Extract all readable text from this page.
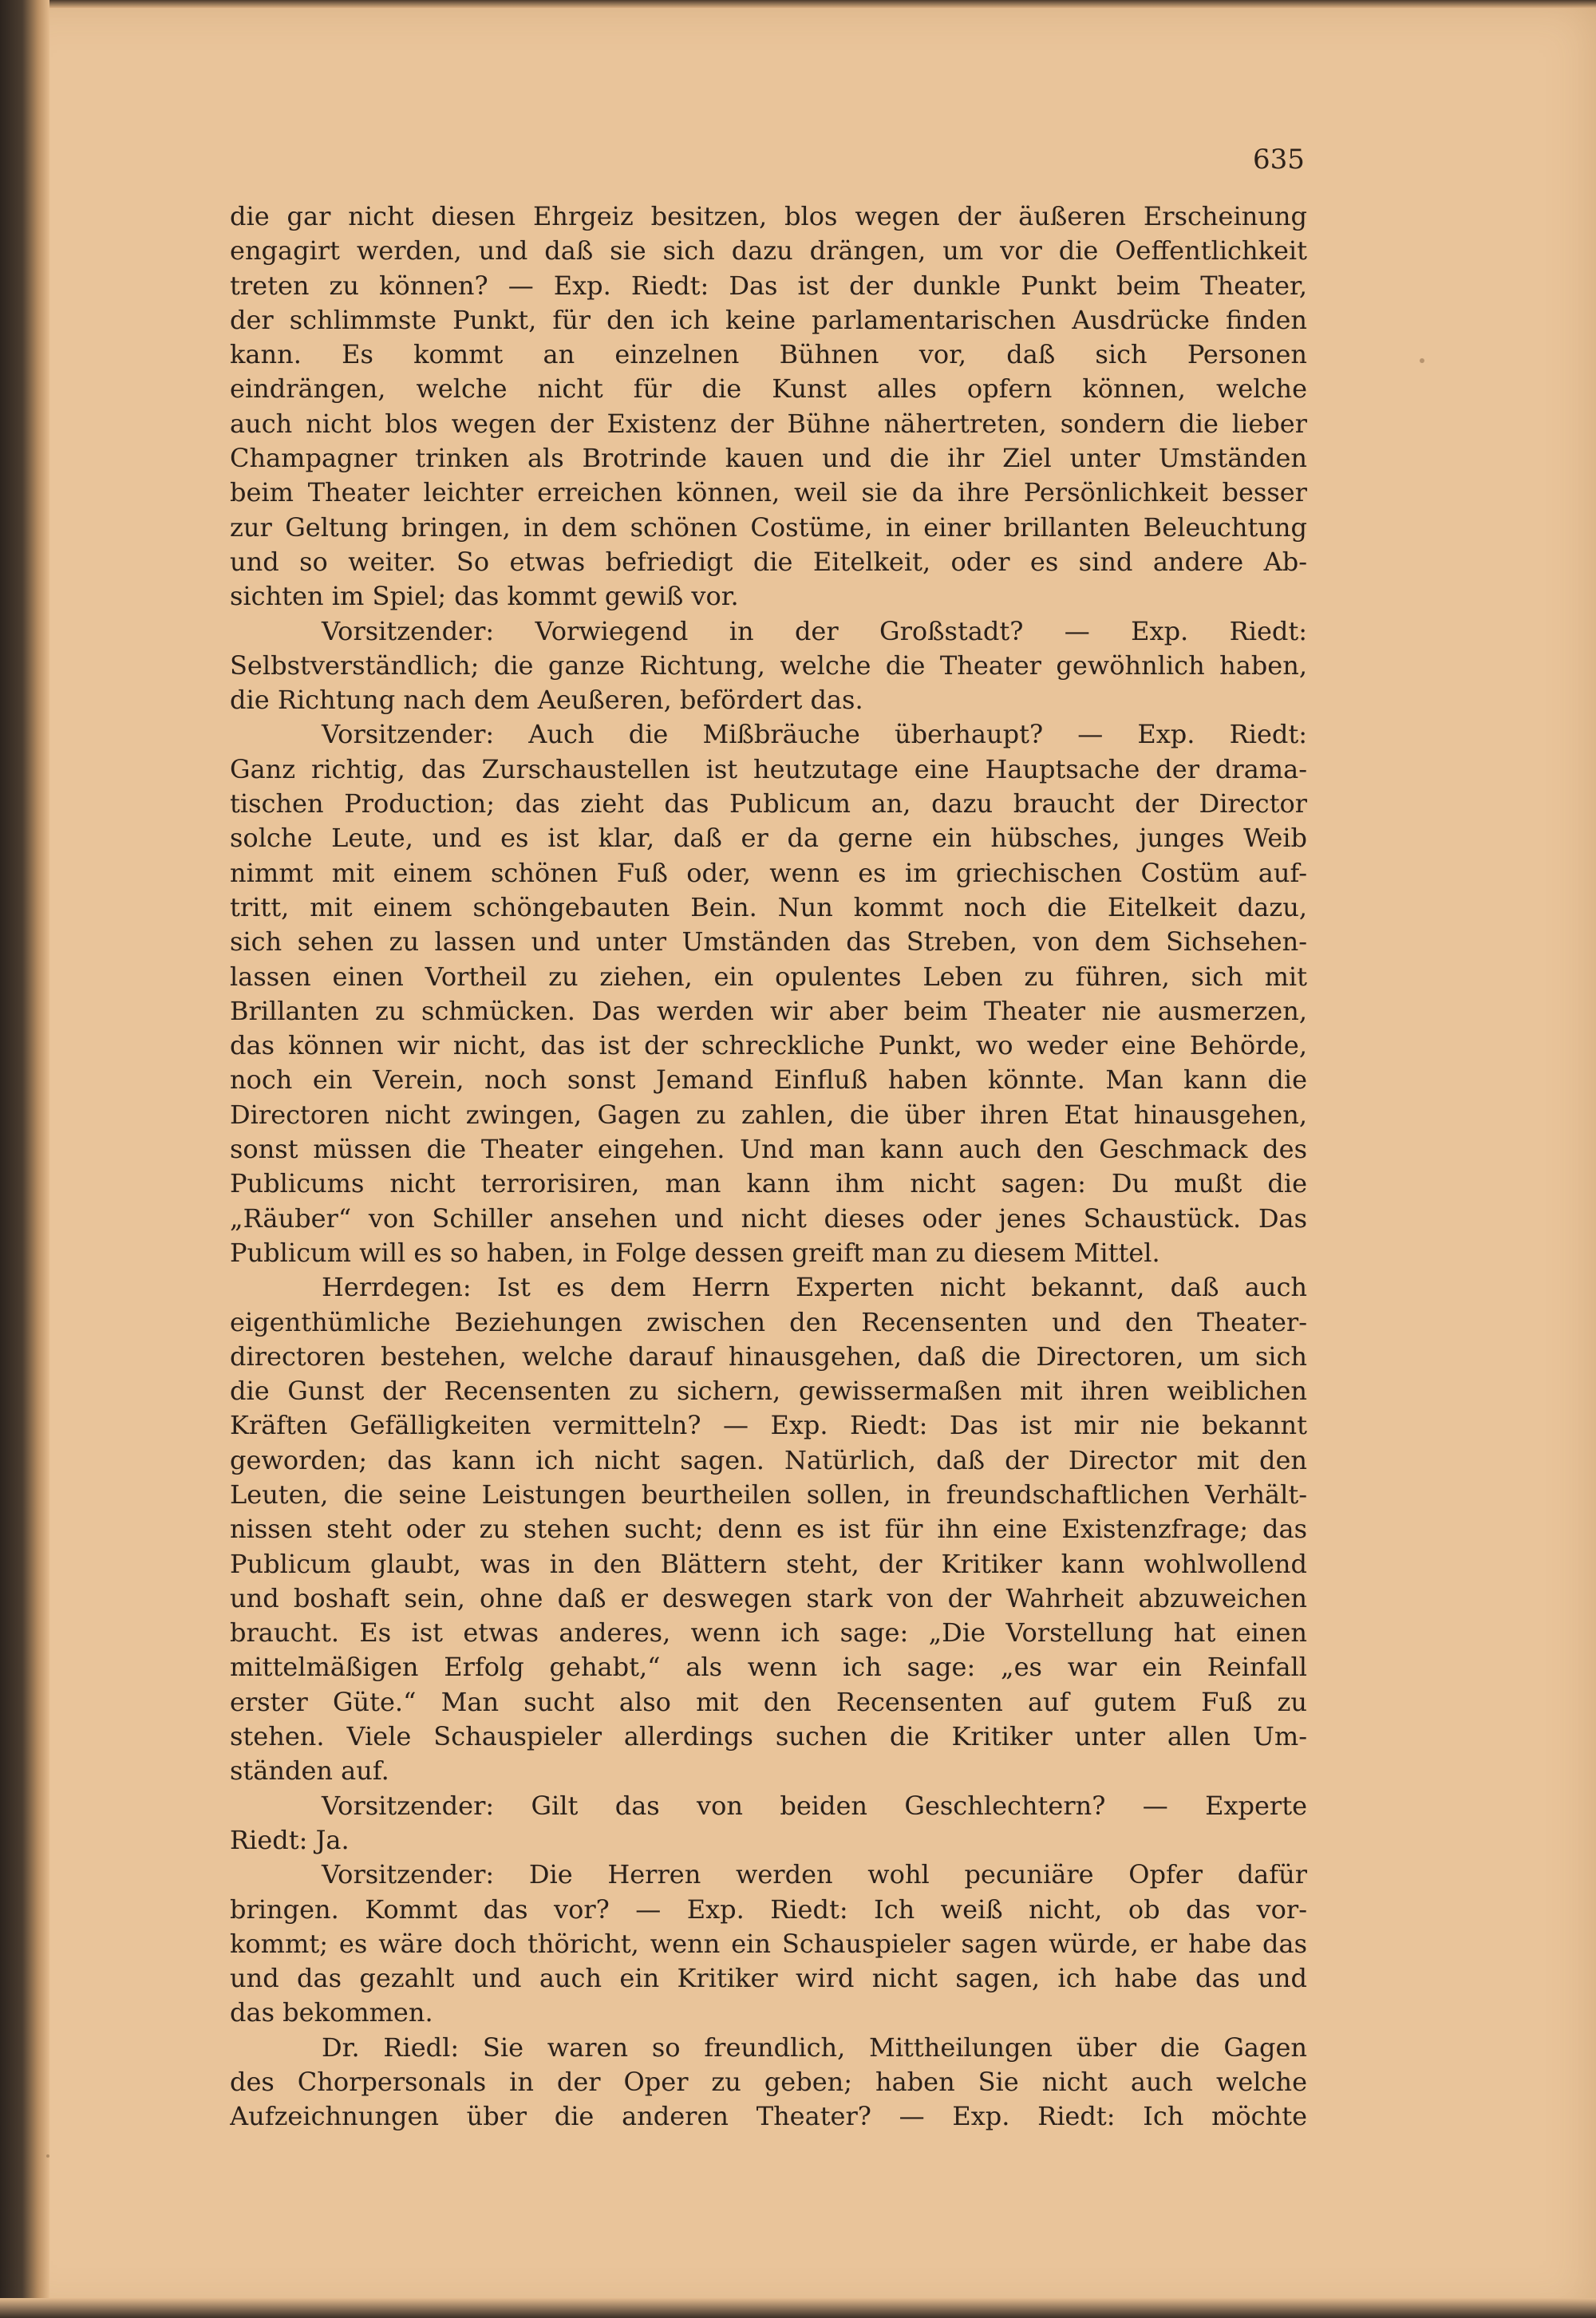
635
die gar nicht diesen Ehrgeiz besitzen, blos wegen der äußeren Erscheinung
engagirt werden, und daß sie sich dazu drängen, um vor die Oeffentlichkeit
treten zu können? — Exp. Riedt: Das ist der dunkle Punkt beim Theater,
der schlimmste Punkt, für den ich keine parlamentarischen Ausdrücke finden
kann. Es kommt an einzelnen Bühnen vor, daß sich Personen
eindrängen, welche nicht für die Kunst alles opfern können, welche
auch nicht blos wegen der Existenz der Bühne nähertreten, sondern die lieber
Champagner trinken als Brotrinde kauen und die ihr Ziel unter Umständen
beim Theater leichter erreichen können, weil sie da ihre Persönlichkeit besser
zur Geltung bringen, in dem schönen Costüme, in einer brillanten Beleuchtung
und so weiter. So etwas befriedigt die Eitelkeit, oder es sind andere Ab-
sichten im Spiel; das kommt gewiß vor.
Vorsitzender: Vorwiegend in der Großstadt? — Exp. Riedt:
Selbstverständlich; die ganze Richtung, welche die Theater gewöhnlich haben,
die Richtung nach dem Aeußeren, befördert das.
Vorsitzender: Auch die Mißbräuche überhaupt? — Exp. Riedt:
Ganz richtig, das Zurschaustellen ist heutzutage eine Hauptsache der drama-
tischen Production; das zieht das Publicum an, dazu braucht der Director
solche Leute, und es ist klar, daß er da gerne ein hübsches, junges Weib
nimmt mit einem schönen Fuß oder, wenn es im griechischen Costüm auf-
tritt, mit einem schöngebauten Bein. Nun kommt noch die Eitelkeit dazu,
sich sehen zu lassen und unter Umständen das Streben, von dem Sichsehen-
lassen einen Vortheil zu ziehen, ein opulentes Leben zu führen, sich mit
Brillanten zu schmücken. Das werden wir aber beim Theater nie ausmerzen,
das können wir nicht, das ist der schreckliche Punkt, wo weder eine Behörde,
noch ein Verein, noch sonst Jemand Einfluß haben könnte. Man kann die
Directoren nicht zwingen, Gagen zu zahlen, die über ihren Etat hinausgehen,
sonst müssen die Theater eingehen. Und man kann auch den Geschmack des
Publicums nicht terrorisiren, man kann ihm nicht sagen: Du mußt die
„Räuber“ von Schiller ansehen und nicht dieses oder jenes Schaustück. Das
Publicum will es so haben, in Folge dessen greift man zu diesem Mittel.
Herrdegen: Ist es dem Herrn Experten nicht bekannt, daß auch
eigenthümliche Beziehungen zwischen den Recensenten und den Theater-
directoren bestehen, welche darauf hinausgehen, daß die Directoren, um sich
die Gunst der Recensenten zu sichern, gewissermaßen mit ihren weiblichen
Kräften Gefälligkeiten vermitteln? — Exp. Riedt: Das ist mir nie bekannt
geworden; das kann ich nicht sagen. Natürlich, daß der Director mit den
Leuten, die seine Leistungen beurtheilen sollen, in freundschaftlichen Verhält-
nissen steht oder zu stehen sucht; denn es ist für ihn eine Existenzfrage; das
Publicum glaubt, was in den Blättern steht, der Kritiker kann wohlwollend
und boshaft sein, ohne daß er deswegen stark von der Wahrheit abzuweichen
braucht. Es ist etwas anderes, wenn ich sage: „Die Vorstellung hat einen
mittelmäßigen Erfolg gehabt,“ als wenn ich sage: „es war ein Reinfall
erster Güte.“ Man sucht also mit den Recensenten auf gutem Fuß zu
stehen. Viele Schauspieler allerdings suchen die Kritiker unter allen Um-
ständen auf.
Vorsitzender: Gilt das von beiden Geschlechtern? — Experte
Riedt: Ja.
Vorsitzender: Die Herren werden wohl pecuniäre Opfer dafür
bringen. Kommt das vor? — Exp. Riedt: Ich weiß nicht, ob das vor-
kommt; es wäre doch thöricht, wenn ein Schauspieler sagen würde, er habe das
und das gezahlt und auch ein Kritiker wird nicht sagen, ich habe das und
das bekommen.
Dr. Riedl: Sie waren so freundlich, Mittheilungen über die Gagen
des Chorpersonals in der Oper zu geben; haben Sie nicht auch welche
Aufzeichnungen über die anderen Theater? — Exp. Riedt: Ich möchte
